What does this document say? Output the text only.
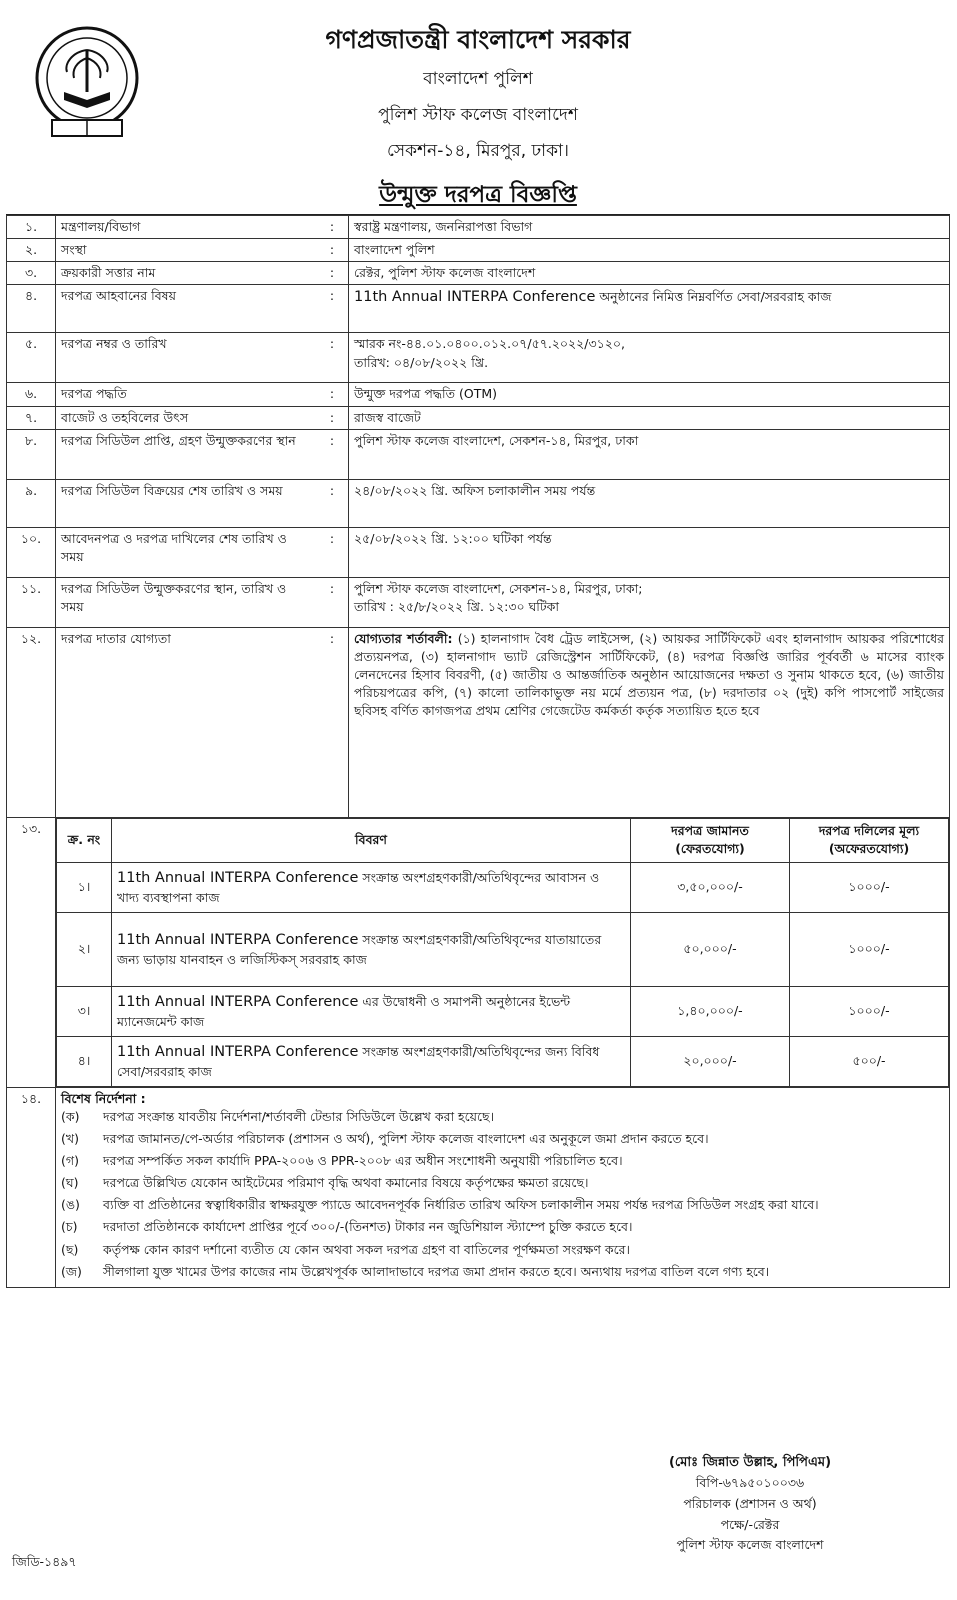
গণপ্রজাতন্ত্রী বাংলাদেশ সরকার
বাংলাদেশ পুলিশ
পুলিশ স্টাফ কলেজ বাংলাদেশ
সেকশন-১৪, মিরপুর, ঢাকা।
উন্মুক্ত দরপত্র বিজ্ঞপ্তি
১.	মন্ত্রণালয়/বিভাগ	:	স্বরাষ্ট্র মন্ত্রণালয়, জননিরাপত্তা বিভাগ
২.	সংস্থা	:	বাংলাদেশ পুলিশ
৩.	ক্রয়কারী সত্তার নাম	:	রেক্টর, পুলিশ স্টাফ কলেজ বাংলাদেশ
৪.	দরপত্র আহবানের বিষয়	:	11th Annual INTERPA Conference অনুষ্ঠানের নিমিত্ত নিম্নবর্ণিত সেবা/সরবরাহ কাজ
৫.	দরপত্র নম্বর ও তারিখ	:	স্মারক নং-৪৪.০১.০৪০০.০১২.০৭/৫৭.২০২২/৩১২০,
তারিখ: ০৪/০৮/২০২২ খ্রি.

৬.	দরপত্র পদ্ধতি	:	উন্মুক্ত দরপত্র পদ্ধতি (OTM)
৭.	বাজেট ও তহবিলের উৎস	:	রাজস্ব বাজেট
৮.	দরপত্র সিডিউল প্রাপ্তি, গ্রহণ উন্মুক্তকরণের স্থান	:	পুলিশ স্টাফ কলেজ বাংলাদেশ, সেকশন-১৪, মিরপুর, ঢাকা
৯.	দরপত্র সিডিউল বিক্রয়ের শেষ তারিখ ও সময়	:	২৪/০৮/২০২২ খ্রি. অফিস চলাকালীন সময় পর্যন্ত
১০.	আবেদনপত্র ও দরপত্র দাখিলের শেষ তারিখ ও সময়	:	২৫/০৮/২০২২ খ্রি. ১২:০০ ঘটিকা পর্যন্ত
১১.	দরপত্র সিডিউল উন্মুক্তকরণের স্থান, তারিখ ও সময়	:	পুলিশ স্টাফ কলেজ বাংলাদেশ, সেকশন-১৪, মিরপুর, ঢাকা;
তারিখ : ২৫/৮/২০২২ খ্রি. ১২:৩০ ঘটিকা

১২.	দরপত্র দাতার যোগ্যতা	:	যোগ্যতার শর্তাবলী: (১) হালনাগাদ বৈধ ট্রেড লাইসেন্স, (২) আয়কর সার্টিফিকেট এবং হালনাগাদ আয়কর পরিশোধের প্রত্যয়নপত্র, (৩) হালনাগাদ ভ্যাট রেজিস্ট্রেশন সার্টিফিকেট, (৪) দরপত্র বিজ্ঞপ্তি জারির পূর্ববর্তী ৬ মাসের ব্যাংক লেনদেনের হিসাব বিবরণী, (৫) জাতীয় ও আন্তর্জাতিক অনুষ্ঠান আয়োজনের দক্ষতা ও সুনাম থাকতে হবে, (৬) জাতীয় পরিচয়পত্রের কপি, (৭) কালো তালিকাভুক্ত নয় মর্মে প্রত্যয়ন পত্র, (৮) দরদাতার ০২ (দুই) কপি পাসপোর্ট সাইজের ছবিসহ বর্ণিত কাগজপত্র প্রথম শ্রেণির গেজেটেড কর্মকর্তা কর্তৃক সত্যায়িত হতে হবে
১৩.	
ক্র. নং	বিবরণ	দরপত্র জামানত (ফেরতযোগ্য)	দরপত্র দলিলের মূল্য (অফেরতযোগ্য)
১।	11th Annual INTERPA Conference সংক্রান্ত অংশগ্রহণকারী/অতিথিবৃন্দের আবাসন ও খাদ্য ব্যবস্থাপনা কাজ	৩,৫০,০০০/-	১০০০/-
২।	11th Annual INTERPA Conference সংক্রান্ত অংশগ্রহণকারী/অতিথিবৃন্দের যাতায়াতের জন্য ভাড়ায় যানবাহন ও লজিস্টিকস্ সরবরাহ কাজ	৫০,০০০/-	১০০০/-
৩।	11th Annual INTERPA Conference এর উদ্বোধনী ও সমাপনী অনুষ্ঠানের ইভেন্ট ম্যানেজমেন্ট কাজ	১,৪০,০০০/-	১০০০/-
৪।	11th Annual INTERPA Conference সংক্রান্ত অংশগ্রহণকারী/অতিথিবৃন্দের জন্য বিবিধ সেবা/সরবরাহ কাজ	২০,০০০/-	৫০০/-

১৪.	বিশেষ নির্দেশনা :
(ক)	দরপত্র সংক্রান্ত যাবতীয় নির্দেশনা/শর্তাবলী টেন্ডার সিডিউলে উল্লেখ করা হয়েছে।
(খ)	দরপত্র জামানত/পে-অর্ডার পরিচালক (প্রশাসন ও অর্থ), পুলিশ স্টাফ কলেজ বাংলাদেশ এর অনুকূলে জমা প্রদান করতে হবে।
(গ)	দরপত্র সম্পর্কিত সকল কার্যাদি PPA-২০০৬ ও PPR-২০০৮ এর অধীন সংশোধনী অনুযায়ী পরিচালিত হবে।
(ঘ)	দরপত্রে উল্লিখিত যেকোন আইটেমের পরিমাণ বৃদ্ধি অথবা কমানোর বিষয়ে কর্তৃপক্ষের ক্ষমতা রয়েছে।
(ঙ)	ব্যক্তি বা প্রতিষ্ঠানের স্বত্বাধিকারীর স্বাক্ষরযুক্ত প্যাডে আবেদনপূর্বক নির্ধারিত তারিখ অফিস চলাকালীন সময় পর্যন্ত দরপত্র সিডিউল সংগ্রহ করা যাবে।
(চ)	দরদাতা প্রতিষ্ঠানকে কার্যাদেশ প্রাপ্তির পূর্বে ৩০০/-(তিনশত) টাকার নন জুডিশিয়াল স্ট্যাম্পে চুক্তি করতে হবে।
(ছ)	কর্তৃপক্ষ কোন কারণ দর্শানো ব্যতীত যে কোন অথবা সকল দরপত্র গ্রহণ বা বাতিলের পূর্ণক্ষমতা সংরক্ষণ করে।
(জ)	সীলগালা যুক্ত খামের উপর কাজের নাম উল্লেখপূর্বক আলাদাভাবে দরপত্র জমা প্রদান করতে হবে। অন্যথায় দরপত্র বাতিল বলে গণ্য হবে।
(মোঃ জিন্নাত উল্লাহ, পিপিএম)
বিপি-৬৭৯৫০১০০৩৬
পরিচালক (প্রশাসন ও অর্থ)
পক্ষে/-রেক্টর
পুলিশ স্টাফ কলেজ বাংলাদেশ
জিডি-১৪৯৭
